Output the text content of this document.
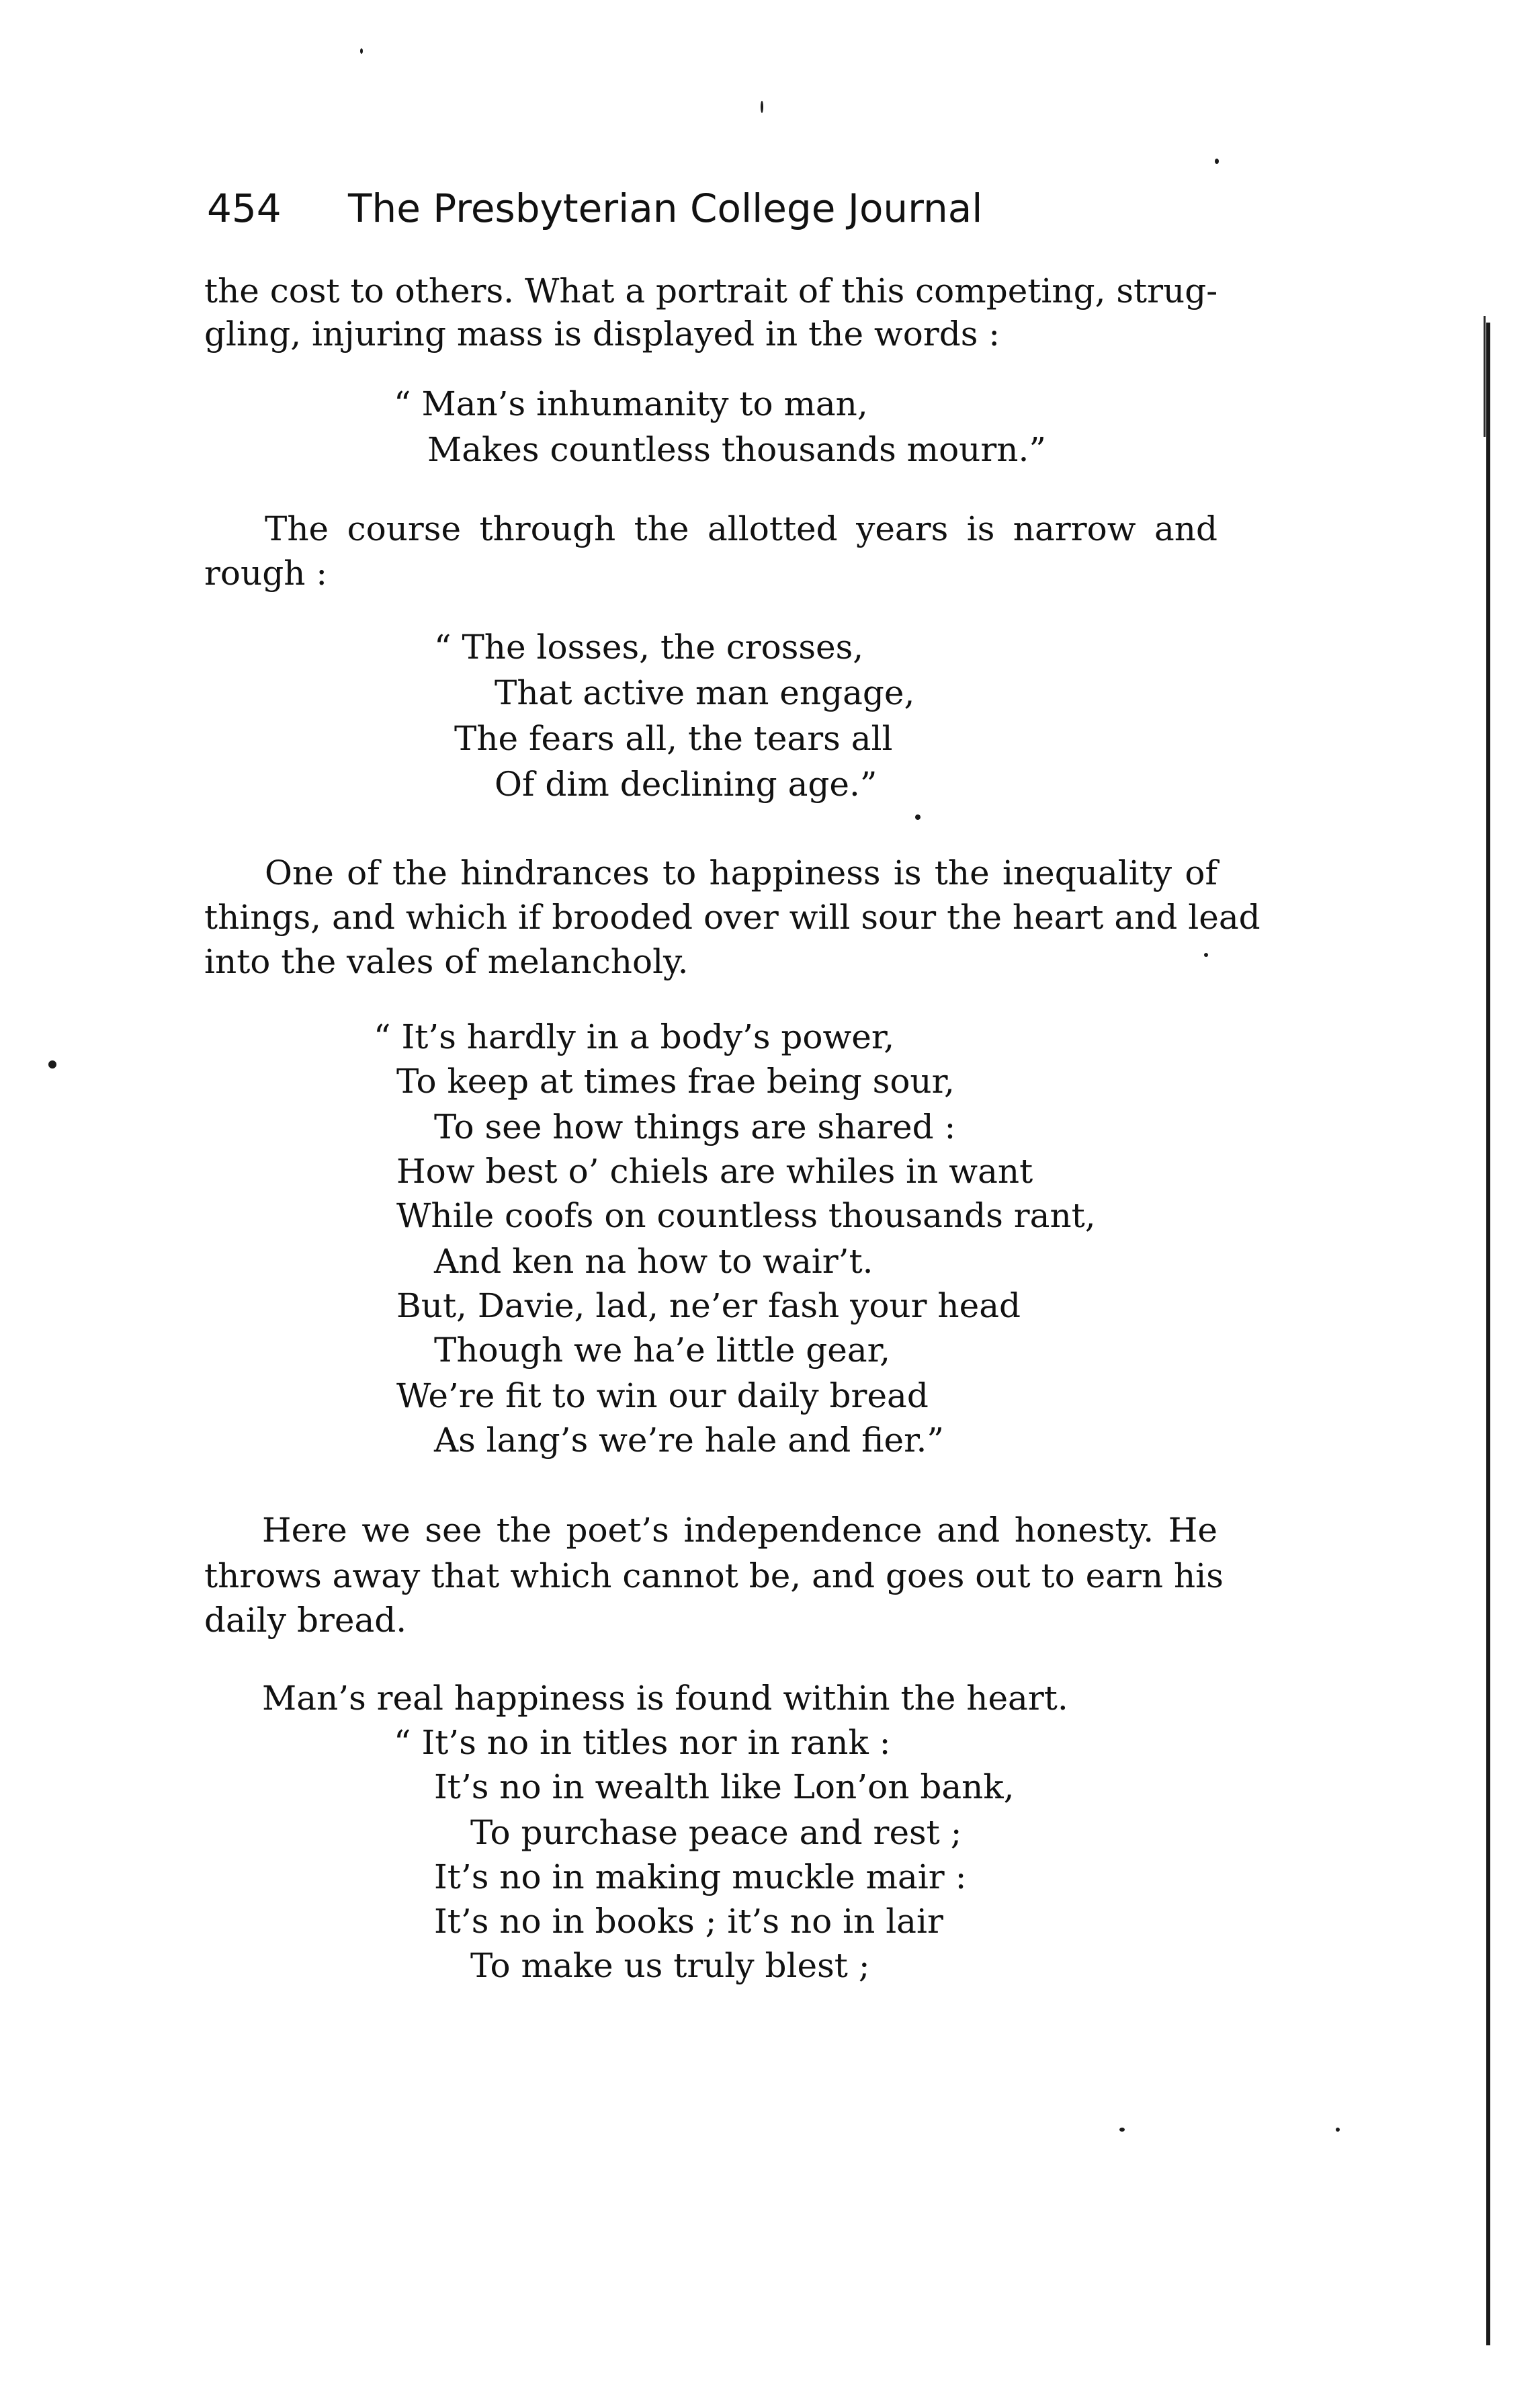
454 The Presbyterian College Journal
the cost to others. What a portrait of this competing, strug-
gling, injuring mass is displayed in the words :
“ Man’s inhumanity to man,
Makes countless thousands mourn.”
The course through the allotted years is narrow and
rough :
“ The losses, the crosses,
That active man engage,
The fears all, the tears all
Of dim declining age.”
One of the hindrances to happiness is the inequality of
things, and which if brooded over will sour the heart and lead
into the vales of melancholy.
“ It’s hardly in a body’s power,
To keep at times frae being sour,
To see how things are shared :
How best o’ chiels are whiles in want
While coofs on countless thousands rant,
And ken na how to wair’t.
But, Davie, lad, ne’er fash your head
Though we ha’e little gear,
We’re fit to win our daily bread
As lang’s we’re hale and fier.”
Here we see the poet’s independence and honesty. He
throws away that which cannot be, and goes out to earn his
daily bread.
Man’s real happiness is found within the heart.
“ It’s no in titles nor in rank :
It’s no in wealth like Lon’on bank,
To purchase peace and rest ;
It’s no in making muckle mair :
It’s no in books ; it’s no in lair
To make us truly blest ;
